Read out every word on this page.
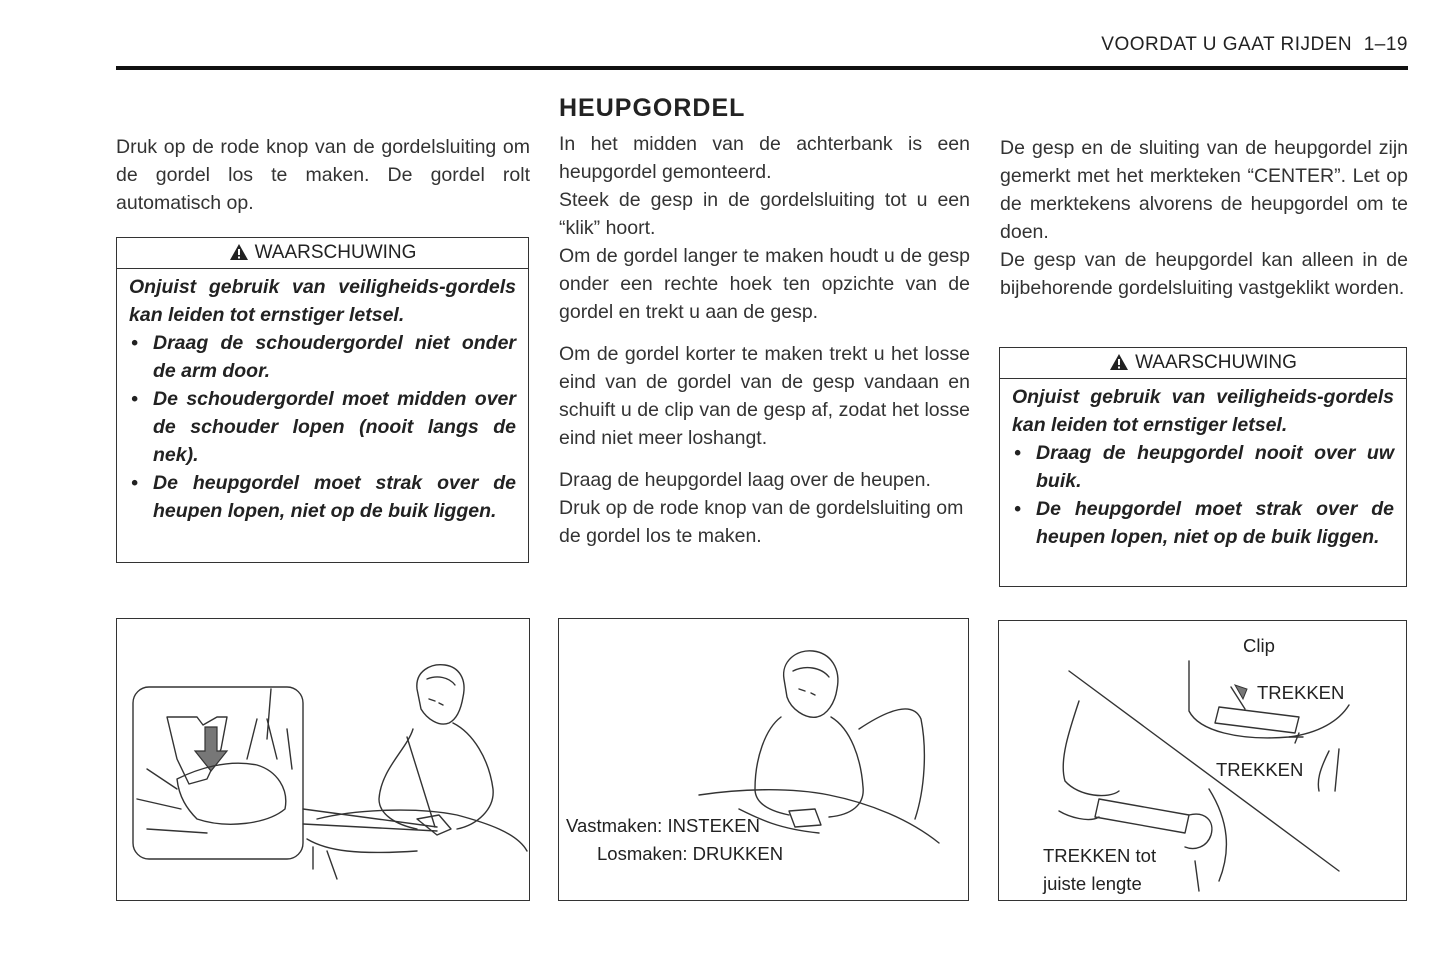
VOORDAT U GAAT RIJDEN 1–19

Druk op de rode knop van de gordelsluiting om de gordel los te maken. De gordel rolt automatisch op.

WAARSCHUWING

Onjuist gebruik van veiligheids-gordels kan leiden tot ernstiger letsel.

• Draag de schoudergordel niet onder de arm door.
• De schoudergordel moet midden over de schouder lopen (nooit langs de nek).
• De heupgordel moet strak over de heupen lopen, niet op de buik liggen.
HEUPGORDEL

In het midden van de achterbank is een heupgordel gemonteerd.

Steek de gesp in de gordelsluiting tot u een “klik” hoort.

Om de gordel langer te maken houdt u de gesp onder een rechte hoek ten opzichte van de gordel en trekt u aan de gesp.

Om de gordel korter te maken trekt u het losse eind van de gordel van de gesp vandaan en schuift u de clip van de gesp af, zodat het losse eind niet meer loshangt.

Draag de heupgordel laag over de heupen. Druk op de rode knop van de gordelsluiting om de gordel los te maken.

De gesp en de sluiting van de heupgordel zijn gemerkt met het merkteken “CENTER”. Let op de merktekens alvorens de heupgordel om te doen.

De gesp van de heupgordel kan alleen in de bijbehorende gordelsluiting vastgeklikt worden.

WAARSCHUWING

Onjuist gebruik van veiligheids-gordels kan leiden tot ernstiger letsel.

• Draag de heupgordel nooit over uw buik.
• De heupgordel moet strak over de heupen lopen, niet op de buik liggen.
Vastmaken: INSTEKEN
Losmaken: DRUKKEN
Clip
TREKKEN
TREKKEN
TREKKEN tot
juiste lengte
